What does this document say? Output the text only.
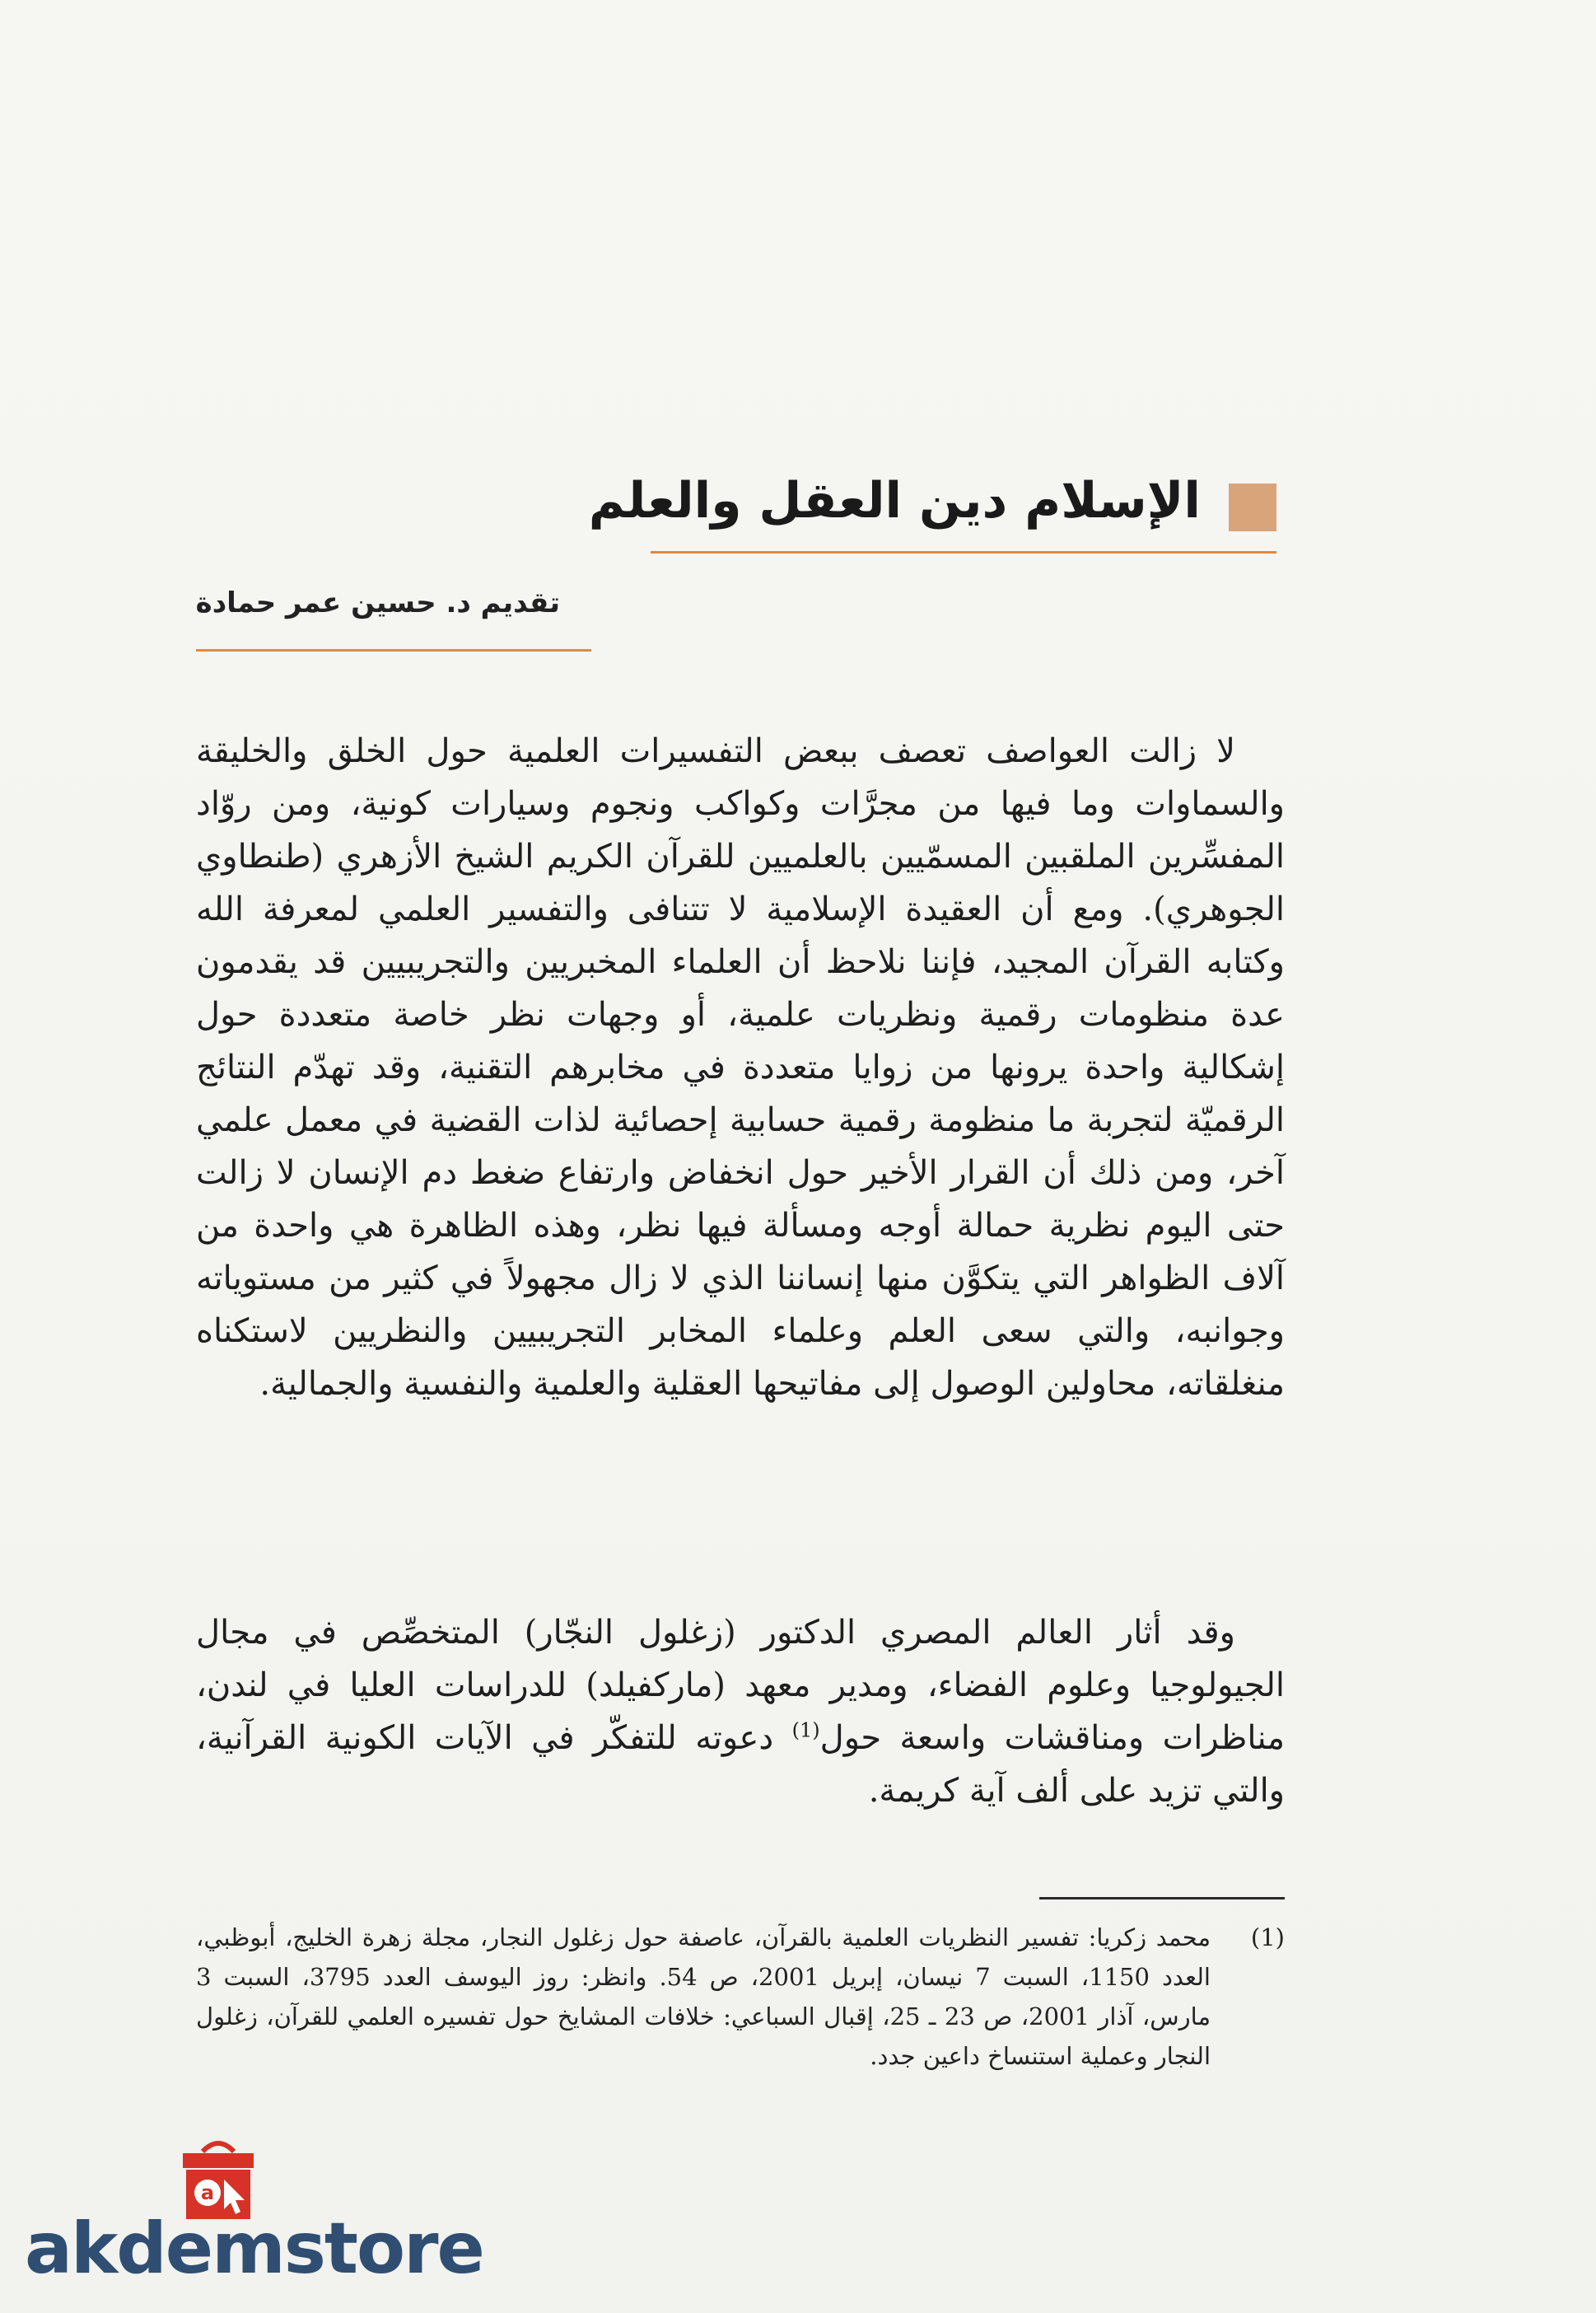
الإسلام دين العقل والعلم
تقديم د. حسين عمر حمادة
لا زالت العواصف تعصف ببعض التفسيرات العلمية حول الخلق والخليقة والسماوات وما فيها من مجرَّات وكواكب ونجوم وسيارات كونية، ومن روّاد المفسِّرين الملقبين المسمّيين بالعلميين للقرآن الكريم الشيخ الأزهري (طنطاوي الجوهري). ومع أن العقيدة الإسلامية لا تتنافى والتفسير العلمي لمعرفة الله وكتابه القرآن المجيد، فإننا نلاحظ أن العلماء المخبريين والتجريبيين قد يقدمون عدة منظومات رقمية ونظريات علمية، أو وجهات نظر خاصة متعددة حول إشكالية واحدة يرونها من زوايا متعددة في مخابرهم التقنية، وقد تهدّم النتائج الرقميّة لتجربة ما منظومة رقمية حسابية إحصائية لذات القضية في معمل علمي آخر، ومن ذلك أن القرار الأخير حول انخفاض وارتفاع ضغط دم الإنسان لا زالت حتى اليوم نظرية حمالة أوجه ومسألة فيها نظر، وهذه الظاهرة هي واحدة من آلاف الظواهر التي يتكوَّن منها إنساننا الذي لا زال مجهولاً في كثير من مستوياته وجوانبه، والتي سعى العلم وعلماء المخابر التجريبيين والنظريين لاستكناه منغلقاته، محاولين الوصول إلى مفاتيحها العقلية والعلمية والنفسية والجمالية.
وقد أثار العالم المصري الدكتور (زغلول النجّار) المتخصِّص في مجال الجيولوجيا وعلوم الفضاء، ومدير معهد (ماركفيلد) للدراسات العليا في لندن، مناظرات ومناقشات واسعة حول$^{(1)}$ دعوته للتفكّر في الآيات الكونية القرآنية، والتي تزيد على ألف آية كريمة.
(1)
محمد زكريا: تفسير النظريات العلمية بالقرآن، عاصفة حول زغلول النجار، مجلة زهرة الخليج، أبوظبي، العدد 1150، السبت 7 نيسان، إبريل 2001، ص 54. وانظر: روز اليوسف العدد 3795، السبت 3 مارس، آذار 2001، ص 23 ـ 25، إقبال السباعي: خلافات المشايخ حول تفسيره العلمي للقرآن، زغلول النجار وعملية استنساخ داعين جدد.
a
akdemstore
